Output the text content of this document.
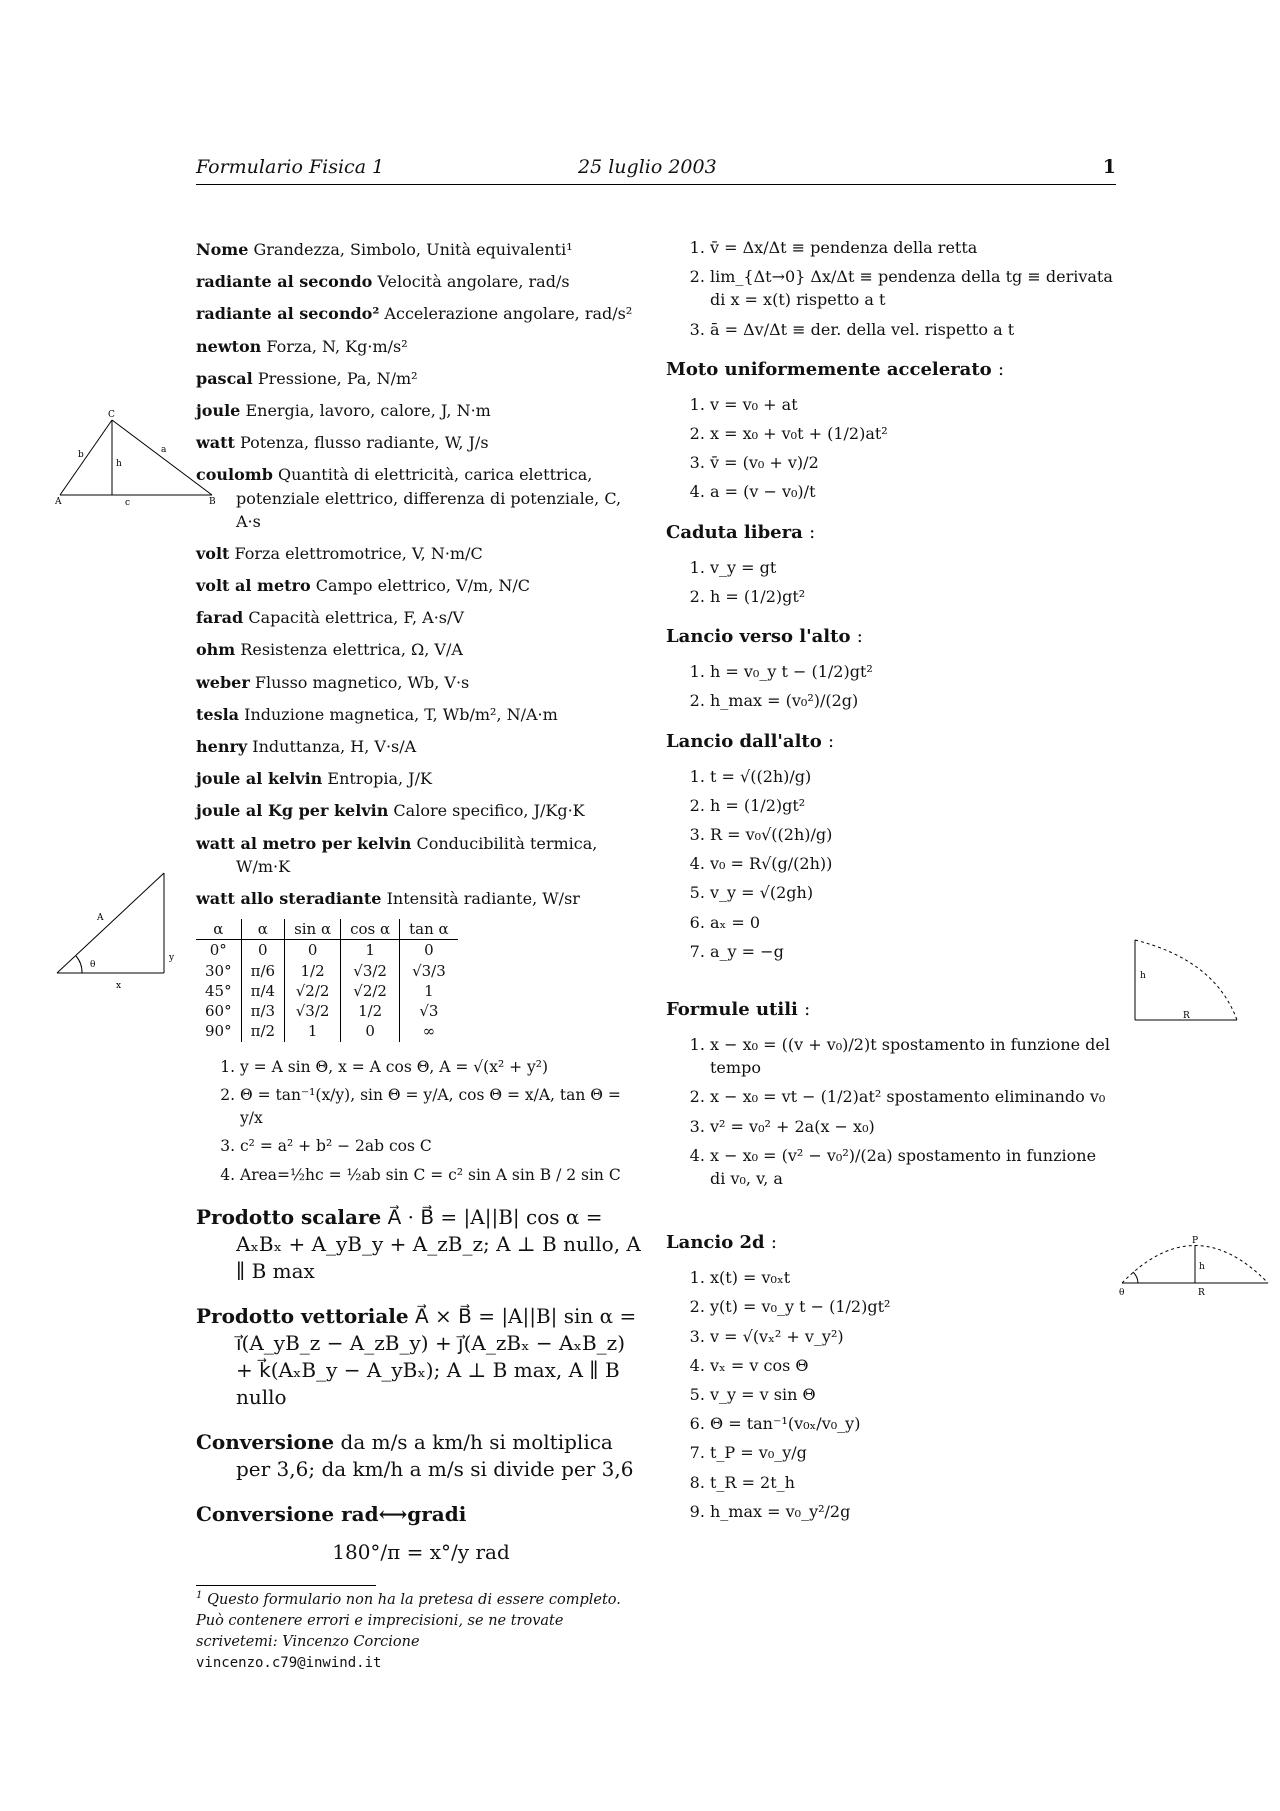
Formulario Fisica 1	25 luglio 2003	1
A	B
C
a
b
c
h
A
θ
x
y
h
R
P
h
θ	R
Nome Grandezza, Simbolo, Unità equivalenti¹
radiante al secondo Velocità angolare, rad/s
radiante al secondo² Accelerazione angolare, rad/s²
newton Forza, N, Kg·m/s²
pascal Pressione, Pa, N/m²
joule Energia, lavoro, calore, J, N·m
watt Potenza, flusso radiante, W, J/s
coulomb Quantità di elettricità, carica elettrica, potenziale elettrico, differenza di potenziale, C, A·s
volt Forza elettromotrice, V, N·m/C
volt al metro Campo elettrico, V/m, N/C
farad Capacità elettrica, F, A·s/V
ohm Resistenza elettrica, Ω, V/A
weber Flusso magnetico, Wb, V·s
tesla Induzione magnetica, T, Wb/m², N/A·m
henry Induttanza, H, V·s/A
joule al kelvin Entropia, J/K
joule al Kg per kelvin Calore specifico, J/Kg·K
watt al metro per kelvin Conducibilità termica, W/m·K
watt allo steradiante Intensità radiante, W/sr
α	α	sin α	cos α	tan α
0°	0	0	1	0
30°	π/6	1/2	√3/2	√3/3
45°	π/4	√2/2	√2/2	1
60°	π/3	√3/2	1/2	√3
90°	π/2	1	0	∞
1. y = A sin Θ, x = A cos Θ, A = √(x² + y²)
2. Θ = tan⁻¹(x/y), sin Θ = y/A, cos Θ = x/A, tan Θ = y/x
3. c² = a² + b² − 2ab cos C
4. Area=½hc = ½ab sin C = c² sin A sin B / 2 sin C
Prodotto scalare A⃗ · B⃗ = |A||B| cos α = AₓBₓ + A_yB_y + A_zB_z; A ⊥ B nullo, A ∥ B max
Prodotto vettoriale A⃗ × B⃗ = |A||B| sin α = ı⃗(A_yB_z − A_zB_y) + ȷ⃗(A_zBₓ − AₓB_z) + k⃗(AₓB_y − A_yBₓ); A ⊥ B max, A ∥ B nullo
Conversione da m/s a km/h si moltiplica per 3,6; da km/h a m/s si divide per 3,6
Conversione rad⟷gradi
180°/π = x°/y rad
$^1$ Questo formulario non ha la pretesa di essere completo. Può contenere errori e imprecisioni, se ne trovate scrivetemi: Vincenzo Corcione
vincenzo.c79@inwind.it
1. v̄ = Δx/Δt ≡ pendenza della retta
2. lim_{Δt→0} Δx/Δt ≡ pendenza della tg ≡ derivata di x = x(t) rispetto a t
3. ā = Δv/Δt ≡ der. della vel. rispetto a t
Moto uniformemente accelerato :
1. v = v₀ + at
2. x = x₀ + v₀t + (1/2)at²
3. v̄ = (v₀ + v)/2
4. a = (v − v₀)/t
Caduta libera :
1. v_y = gt
2. h = (1/2)gt²
Lancio verso l'alto :
1. h = v₀_y t − (1/2)gt²
2. h_max = (v₀²)/(2g)
Lancio dall'alto :
1. t = √((2h)/g)
2. h = (1/2)gt²
3. R = v₀√((2h)/g)
4. v₀ = R√(g/(2h))
5. v_y = √(2gh)
6. aₓ = 0
7. a_y = −g
Formule utili :
1. x − x₀ = ((v + v₀)/2)t spostamento in funzione del tempo
2. x − x₀ = vt − (1/2)at² spostamento eliminando v₀
3. v² = v₀² + 2a(x − x₀)
4. x − x₀ = (v² − v₀²)/(2a) spostamento in funzione di v₀, v, a
Lancio 2d :
1. x(t) = v₀ₓt
2. y(t) = v₀_y t − (1/2)gt²
3. v = √(vₓ² + v_y²)
4. vₓ = v cos Θ
5. v_y = v sin Θ
6. Θ = tan⁻¹(v₀ₓ/v₀_y)
7. t_P = v₀_y/g
8. t_R = 2t_h
9. h_max = v₀_y²/2g
